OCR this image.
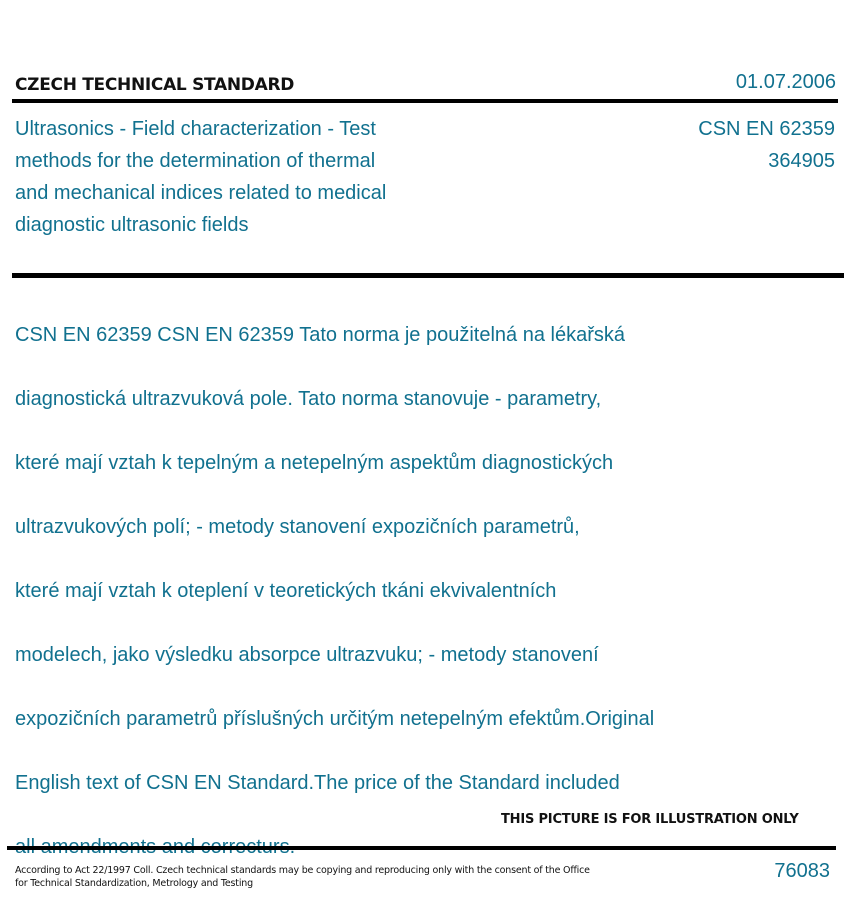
CZECH TECHNICAL STANDARD	01.07.2006
Ultrasonics - Field characterization - Test
methods for the determination of thermal
and mechanical indices related to medical
diagnostic ultrasonic fields
CSN EN 62359
364905

CSN EN 62359 CSN EN 62359 Tato norma je použitelná na lékařská

diagnostická ultrazvuková pole. Tato norma stanovuje - parametry,

které mají vztah k tepelným a netepelným aspektům diagnostických

ultrazvukových polí; - metody stanovení expozičních parametrů,

které mají vztah k oteplení v teoretických tkáni ekvivalentních

modelech, jako výsledku absorpce ultrazvuku; - metody stanovení

expozičních parametrů příslušných určitým netepelným efektům.Original

English text of CSN EN Standard.The price of the Standard included

THIS PICTURE IS FOR ILLUSTRATION ONLY
According to Act 22/1997 Coll. Czech technical standards may be copying and reproducing only with the consent of the Office
for Technical Standardization, Metrology and Testing
76083
